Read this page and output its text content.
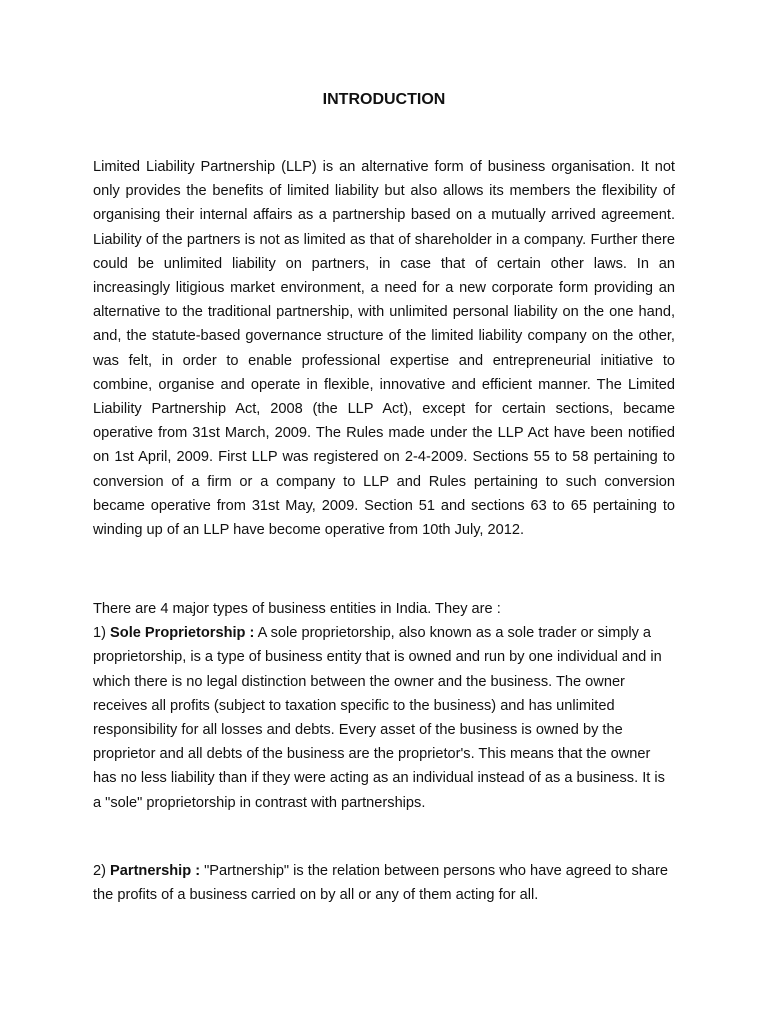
INTRODUCTION

Limited Liability Partnership (LLP) is an alternative form of business organisation. It not only provides the benefits of limited liability but also allows its members the flexibility of organising their internal affairs as a partnership based on a mutually arrived agreement. Liability of the partners is not as limited as that of shareholder in a company. Further there could be unlimited liability on partners, in case that of certain other laws. In an increasingly litigious market environment, a need for a new corporate form providing an alternative to the traditional partnership, with unlimited personal liability on the one hand, and, the statute-based governance structure of the limited liability company on the other, was felt, in order to enable professional expertise and entrepreneurial initiative to combine, organise and operate in flexible, innovative and efficient manner. The Limited Liability Partnership Act, 2008 (the LLP Act), except for certain sections, became operative from 31st March, 2009. The Rules made under the LLP Act have been notified on 1st April, 2009. First LLP was registered on 2-4-2009. Sections 55 to 58 pertaining to conversion of a firm or a company to LLP and Rules pertaining to such conversion became operative from 31st May, 2009. Section 51 and sections 63 to 65 pertaining to winding up of an LLP have become operative from 10th July, 2012.

There are 4 major types of business entities in India. They are :
1) Sole Proprietorship : A sole proprietorship, also known as a sole trader or simply a proprietorship, is a type of business entity that is owned and run by one individual and in which there is no legal distinction between the owner and the business. The owner receives all profits (subject to taxation specific to the business) and has unlimited responsibility for all losses and debts. Every asset of the business is owned by the proprietor and all debts of the business are the proprietor's. This means that the owner has no less liability than if they were acting as an individual instead of as a business. It is a "sole" proprietorship in contrast with partnerships.
2) Partnership : "Partnership" is the relation between persons who have agreed to share the profits of a business carried on by all or any of them acting for all.
